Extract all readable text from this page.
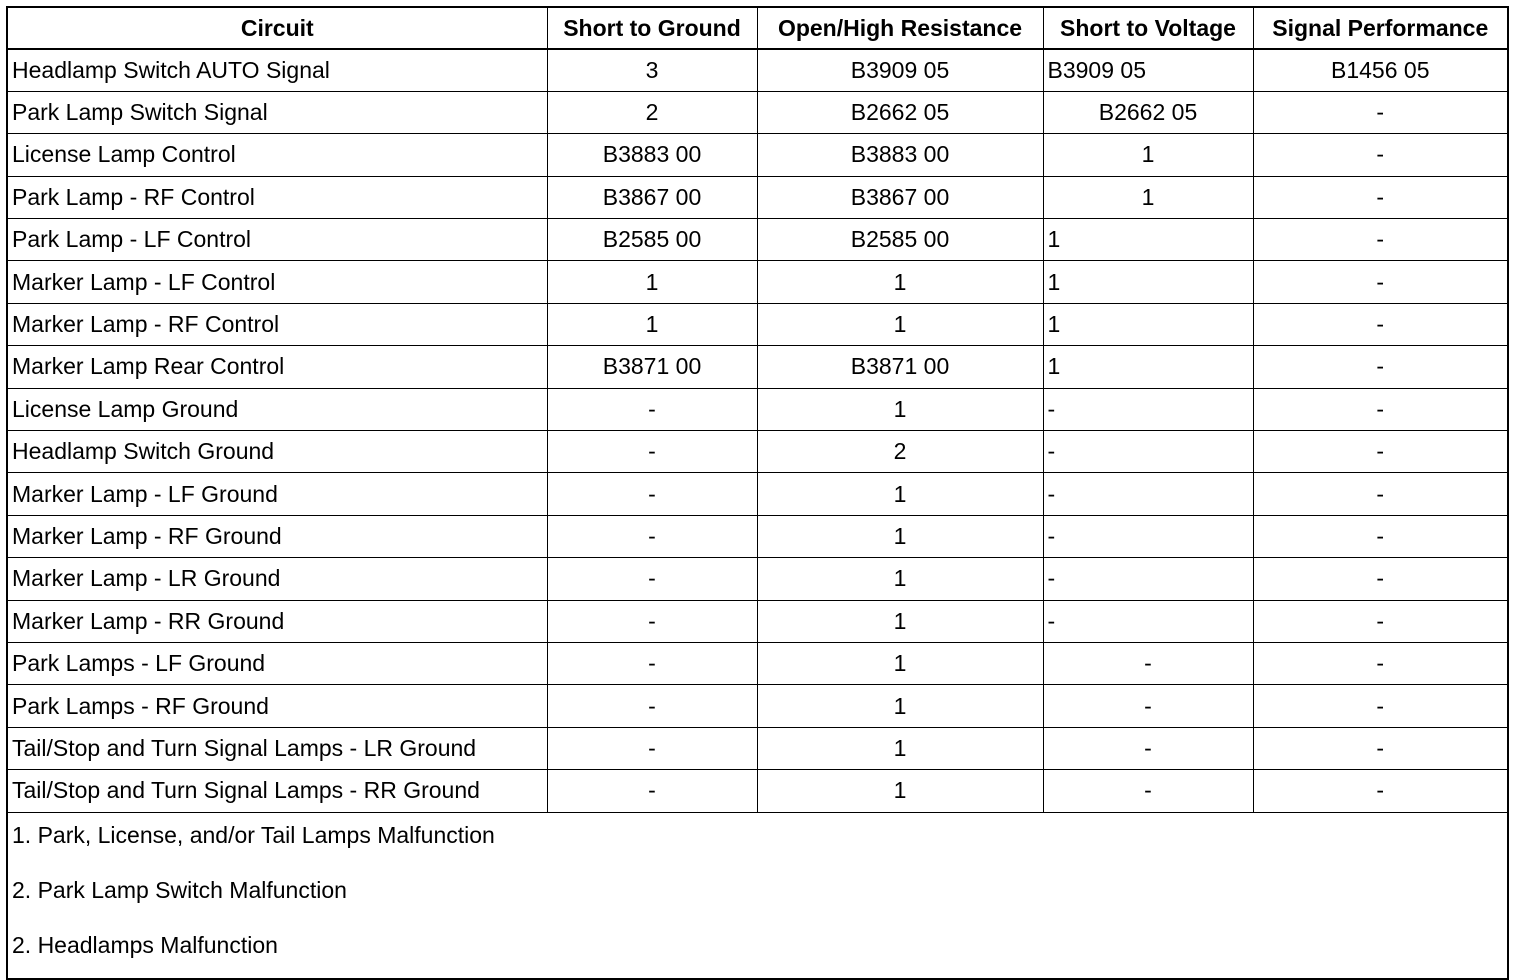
Circuit	Short to Ground	Open/High Resistance	Short to Voltage	Signal Performance
Headlamp Switch AUTO Signal	3	B3909 05	B3909 05	B1456 05
Park Lamp Switch Signal	2	B2662 05	B2662 05	-
License Lamp Control	B3883 00	B3883 00	1	-
Park Lamp - RF Control	B3867 00	B3867 00	1	-
Park Lamp - LF Control	B2585 00	B2585 00	1	-
Marker Lamp - LF Control	1	1	1	-
Marker Lamp - RF Control	1	1	1	-
Marker Lamp Rear Control	B3871 00	B3871 00	1	-
License Lamp Ground	-	1	-	-
Headlamp Switch Ground	-	2	-	-
Marker Lamp - LF Ground	-	1	-	-
Marker Lamp - RF Ground	-	1	-	-
Marker Lamp - LR Ground	-	1	-	-
Marker Lamp - RR Ground	-	1	-	-
Park Lamps - LF Ground	-	1	-	-
Park Lamps - RF Ground	-	1	-	-
Tail/Stop and Turn Signal Lamps - LR Ground	-	1	-	-
Tail/Stop and Turn Signal Lamps - RR Ground	-	1	-	-

1. Park, License, and/or Tail Lamps Malfunction
2. Park Lamp Switch Malfunction
2. Headlamps Malfunction				
